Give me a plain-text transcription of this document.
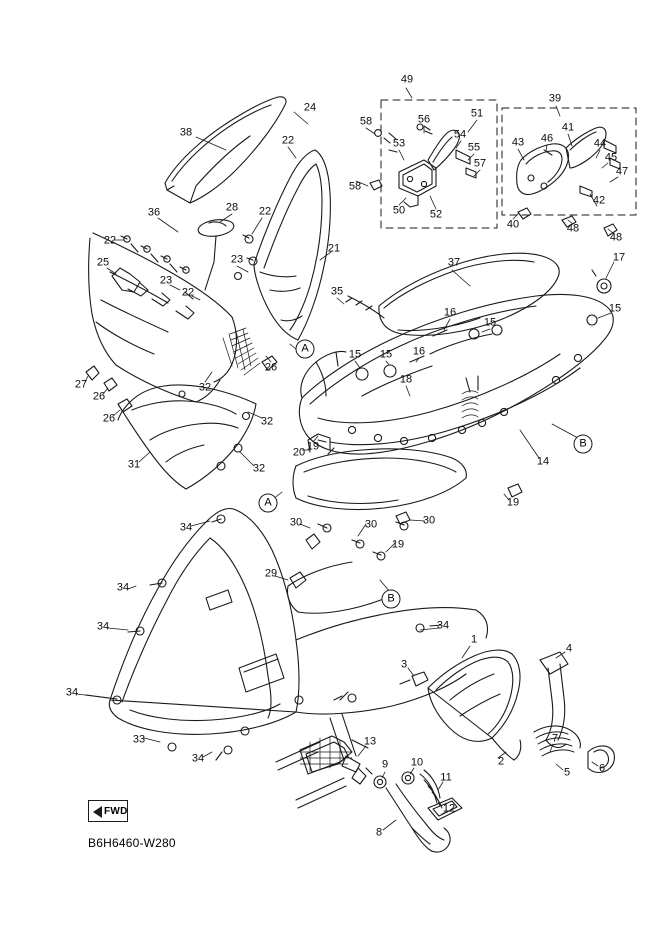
FWD
B6H6460-W280
49
39
24
58
51
56
54
38
22	53	55	43 46
41
44
45
47
57
58
42
36	28 22	50 52
40	48
48
22
21
25	23	37	17
23
22	35
15
15
16
15 15 16
18
26
27
26
26
32
32
14
31	32
19
20
19
34	30	30	30
19
34
29
34	34
1
4
3
34
33
34	2
7
5	6
13
9 10
11
12
8
A
A
B
B
